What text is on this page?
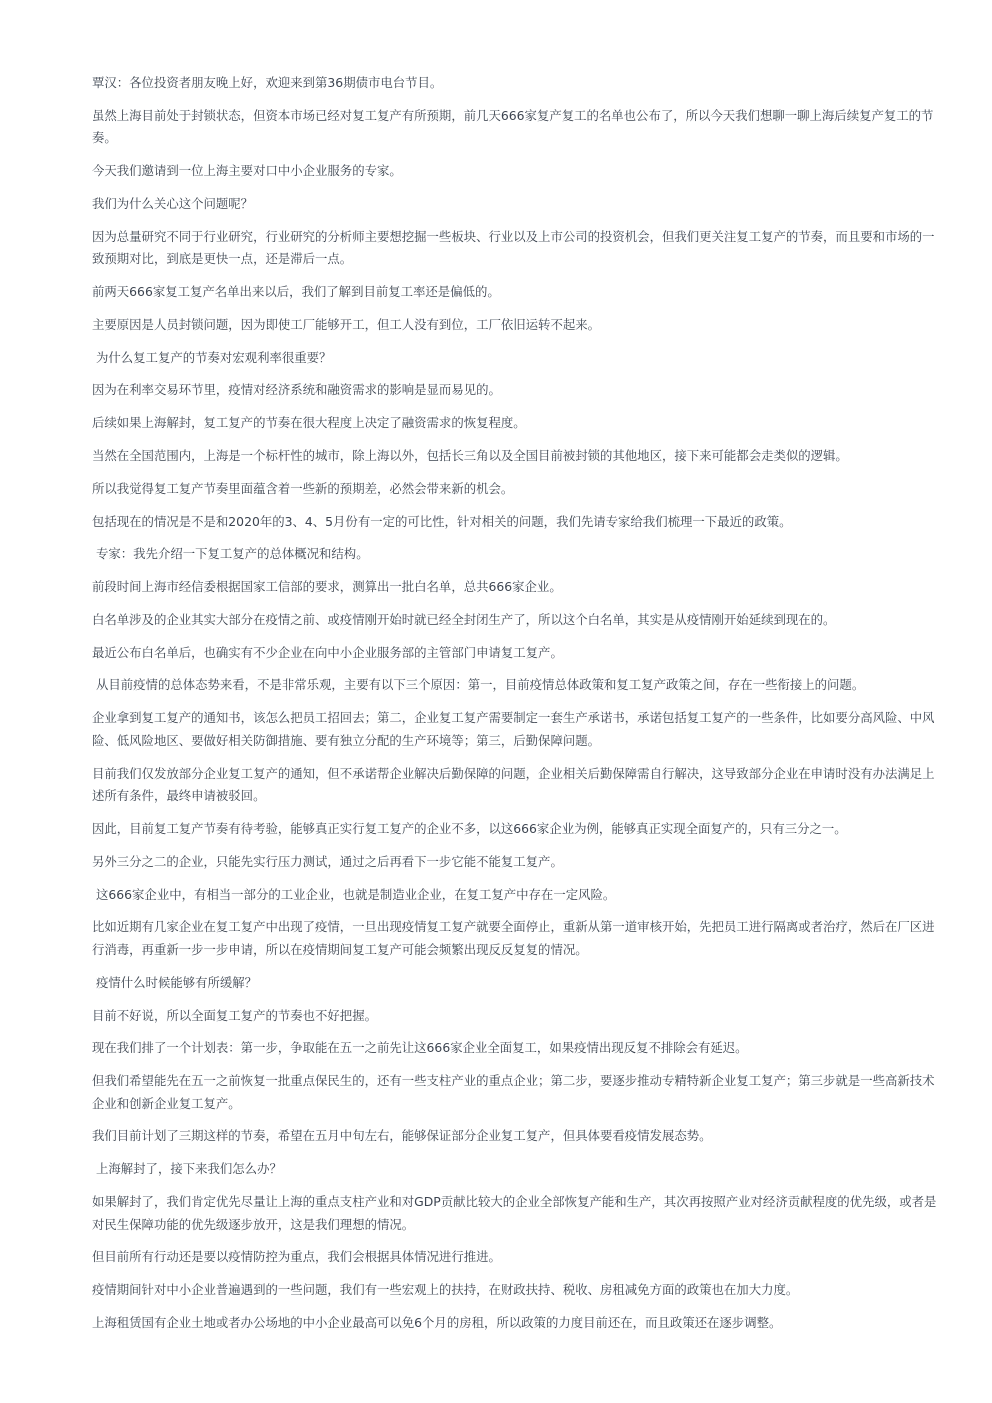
覃汉：各位投资者朋友晚上好，欢迎来到第36期债市电台节目。

虽然上海目前处于封锁状态，但资本市场已经对复工复产有所预期，前几天666家复产复工的名单也公布了，所以今天我们想聊一聊上海后续复产复工的节奏。

今天我们邀请到一位上海主要对口中小企业服务的专家。

我们为什么关心这个问题呢？

因为总量研究不同于行业研究，行业研究的分析师主要想挖掘一些板块、行业以及上市公司的投资机会，但我们更关注复工复产的节奏，而且要和市场的一致预期对比，到底是更快一点，还是滞后一点。

前两天666家复工复产名单出来以后，我们了解到目前复工率还是偏低的。

主要原因是人员封锁问题，因为即使工厂能够开工，但工人没有到位，工厂依旧运转不起来。

为什么复工复产的节奏对宏观利率很重要？

因为在利率交易环节里，疫情对经济系统和融资需求的影响是显而易见的。

后续如果上海解封，复工复产的节奏在很大程度上决定了融资需求的恢复程度。

当然在全国范围内，上海是一个标杆性的城市，除上海以外，包括长三角以及全国目前被封锁的其他地区，接下来可能都会走类似的逻辑。

所以我觉得复工复产节奏里面蕴含着一些新的预期差，必然会带来新的机会。

包括现在的情况是不是和2020年的3、4、5月份有一定的可比性，针对相关的问题，我们先请专家给我们梳理一下最近的政策。

专家：我先介绍一下复工复产的总体概况和结构。

前段时间上海市经信委根据国家工信部的要求，测算出一批白名单，总共666家企业。

白名单涉及的企业其实大部分在疫情之前、或疫情刚开始时就已经全封闭生产了，所以这个白名单，其实是从疫情刚开始延续到现在的。

最近公布白名单后，也确实有不少企业在向中小企业服务部的主管部门申请复工复产。

从目前疫情的总体态势来看，不是非常乐观，主要有以下三个原因：第一，目前疫情总体政策和复工复产政策之间，存在一些衔接上的问题。

企业拿到复工复产的通知书，该怎么把员工招回去；第二，企业复工复产需要制定一套生产承诺书，承诺包括复工复产的一些条件，比如要分高风险、中风险、低风险地区、要做好相关防御措施、要有独立分配的生产环境等；第三，后勤保障问题。

目前我们仅发放部分企业复工复产的通知，但不承诺帮企业解决后勤保障的问题，企业相关后勤保障需自行解决，这导致部分企业在申请时没有办法满足上述所有条件，最终申请被驳回。

因此，目前复工复产节奏有待考验，能够真正实行复工复产的企业不多，以这666家企业为例，能够真正实现全面复产的，只有三分之一。

另外三分之二的企业，只能先实行压力测试，通过之后再看下一步它能不能复工复产。

这666家企业中，有相当一部分的工业企业，也就是制造业企业，在复工复产中存在一定风险。

比如近期有几家企业在复工复产中出现了疫情，一旦出现疫情复工复产就要全面停止，重新从第一道审核开始，先把员工进行隔离或者治疗，然后在厂区进行消毒，再重新一步一步申请，所以在疫情期间复工复产可能会频繁出现反反复复的情况。

疫情什么时候能够有所缓解？

目前不好说，所以全面复工复产的节奏也不好把握。

现在我们排了一个计划表：第一步，争取能在五一之前先让这666家企业全面复工，如果疫情出现反复不排除会有延迟。

但我们希望能先在五一之前恢复一批重点保民生的，还有一些支柱产业的重点企业；第二步，要逐步推动专精特新企业复工复产；第三步就是一些高新技术企业和创新企业复工复产。

我们目前计划了三期这样的节奏，希望在五月中旬左右，能够保证部分企业复工复产，但具体要看疫情发展态势。

上海解封了，接下来我们怎么办？

如果解封了，我们肯定优先尽量让上海的重点支柱产业和对GDP贡献比较大的企业全部恢复产能和生产，其次再按照产业对经济贡献程度的优先级，或者是对民生保障功能的优先级逐步放开，这是我们理想的情况。

但目前所有行动还是要以疫情防控为重点，我们会根据具体情况进行推进。

疫情期间针对中小企业普遍遇到的一些问题，我们有一些宏观上的扶持，在财政扶持、税收、房租减免方面的政策也在加大力度。

上海租赁国有企业土地或者办公场地的中小企业最高可以免6个月的房租，所以政策的力度目前还在，而且政策还在逐步调整。
